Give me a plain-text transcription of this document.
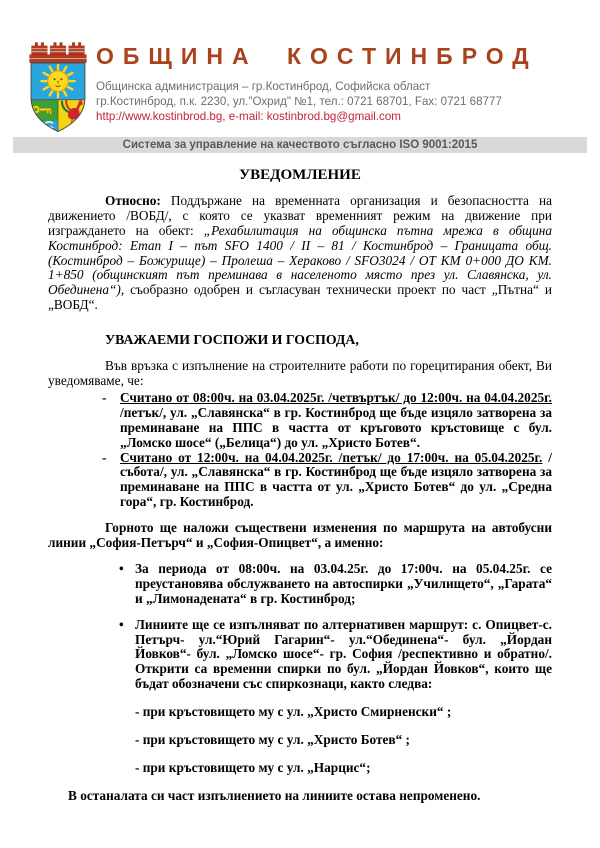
ОБЩИНА КОСТИНБРОД
Общинска администрация – гр.Костинброд, Софийска област
гр.Костинброд, п.к. 2230, ул."Охрид" №1, тел.: 0721 68701, Fax: 0721 68777
http://www.kostinbrod.bg, e-mail: kostinbrod.bg@gmail.com
Система за управление на качеството съгласно ISO 9001:2015
УВЕДОМЛЕНИЕ

Относно: Поддържане на временната организация и безопасността на движението /ВОБД/, с която се указват временният режим на движение при изграждането на обект: „Рехабилитация на общинска пътна мрежа в община Костинброд: Етап I – път SFO 1400 / II – 81 / Костинброд – Границата общ. (Костинброд – Божурище) – Пролеша – Хераково / SFO3024 / ОТ КМ 0+000 ДО КМ. 1+850 (общинският път преминава в населеното място през ул. Славянска, ул. Обединена“), съобразно одобрен и съгласуван технически проект по част „Пътна“ и „ВОБД“.

УВАЖАЕМИ ГОСПОЖИ И ГОСПОДА,

Във връзка с изпълнение на строителните работи по горецитирания обект, Ви уведомяваме, че:

- Считано от 08:00ч. на 03.04.2025г. /четвъртък/ до 12:00ч. на 04.04.2025г. /петък/, ул. „Славянска“ в гр. Костинброд ще бъде изцяло затворена за преминаване на ППС в частта от кръговото кръстовище с бул. „Ломско шосе“ („Белица“) до ул. „Христо Ботев“.
- Считано от 12:00ч. на 04.04.2025г. /петък/ до 17:00ч. на 05.04.2025г. /събота/, ул. „Славянска“ в гр. Костинброд ще бъде изцяло затворена за преминаване на ППС в частта от ул. „Христо Ботев“ до ул. „Средна гора“, гр. Костинброд.

Горното ще наложи съществени изменения по маршрута на автобусни линии „София-Петърч“ и „София-Опицвет“, а именно:

• За периода от 08:00ч. на 03.04.25г. до 17:00ч. на 05.04.25г. се преустановява обслужването на автоспирки „Училището“, „Гарата“ и „Лимонадената“ в гр. Костинброд;
• Линиите ще се изпълняват по алтернативен маршрут: с. Опицвет-с. Петърч- ул.“Юрий Гагарин“- ул.“Обединена“- бул. „Йордан Йовков“- бул. „Ломско шосе“- гр. София /респективно и обратно/. Открити са временни спирки по бул. „Йордан Йовков“, които ще бъдат обозначени със спиркознаци, както следва:

- при кръстовището му с ул. „Христо Смирненски“ ;

- при кръстовището му с ул. „Христо Ботев“ ;

- при кръстовището му с ул. „Нарцис“;

В останалата си част изпълнението на линиите остава непроменено.
